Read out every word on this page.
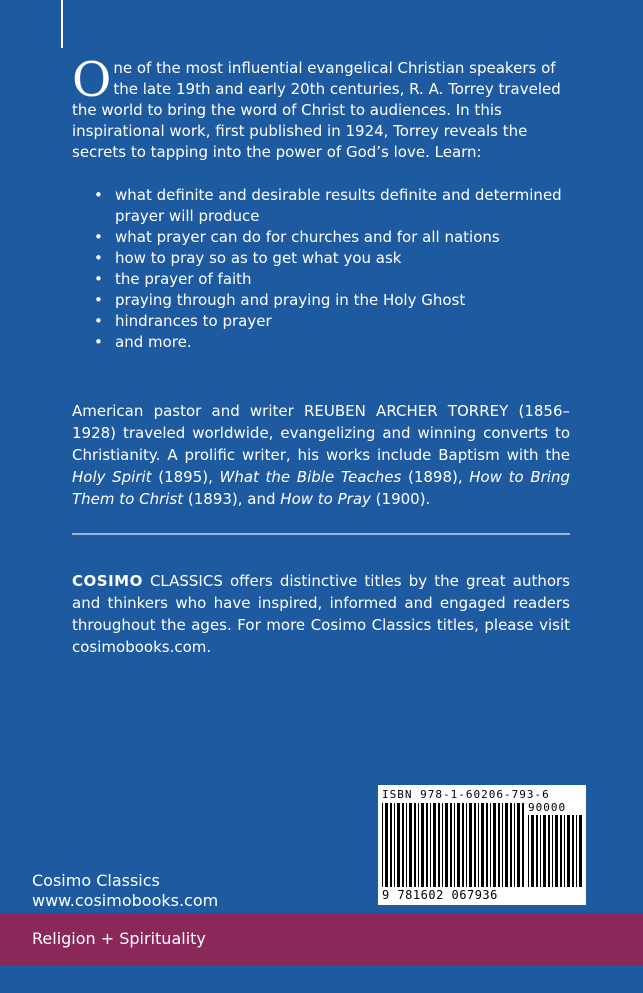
One of the most influential evangelical Christian speakers of the late 19th and early 20th centuries, R. A. Torrey traveled the world to bring the word of Christ to audiences. In this inspirational work, first published in 1924, Torrey reveals the secrets to tapping into the power of God’s love. Learn:

• what definite and desirable results definite and determined prayer will produce
• what prayer can do for churches and for all nations
• how to pray so as to get what you ask
• the prayer of faith
• praying through and praying in the Holy Ghost
• hindrances to prayer
• and more.

American pastor and writer REUBEN ARCHER TORREY (1856–1928) traveled worldwide, evangelizing and winning converts to Christianity. A prolific writer, his works include Baptism with the Holy Spirit (1895), What the Bible Teaches (1898), How to Bring Them to Christ (1893), and How to Pray (1900).

COSIMO CLASSICS offers distinctive titles by the great authors and thinkers who have inspired, informed and engaged readers throughout the ages. For more Cosimo Classics titles, please visit cosimobooks.com.

ISBN 978-1-60206-793-6
90000
9 781602 067936
Cosimo Classics
www.cosimobooks.com
Religion + Spirituality
